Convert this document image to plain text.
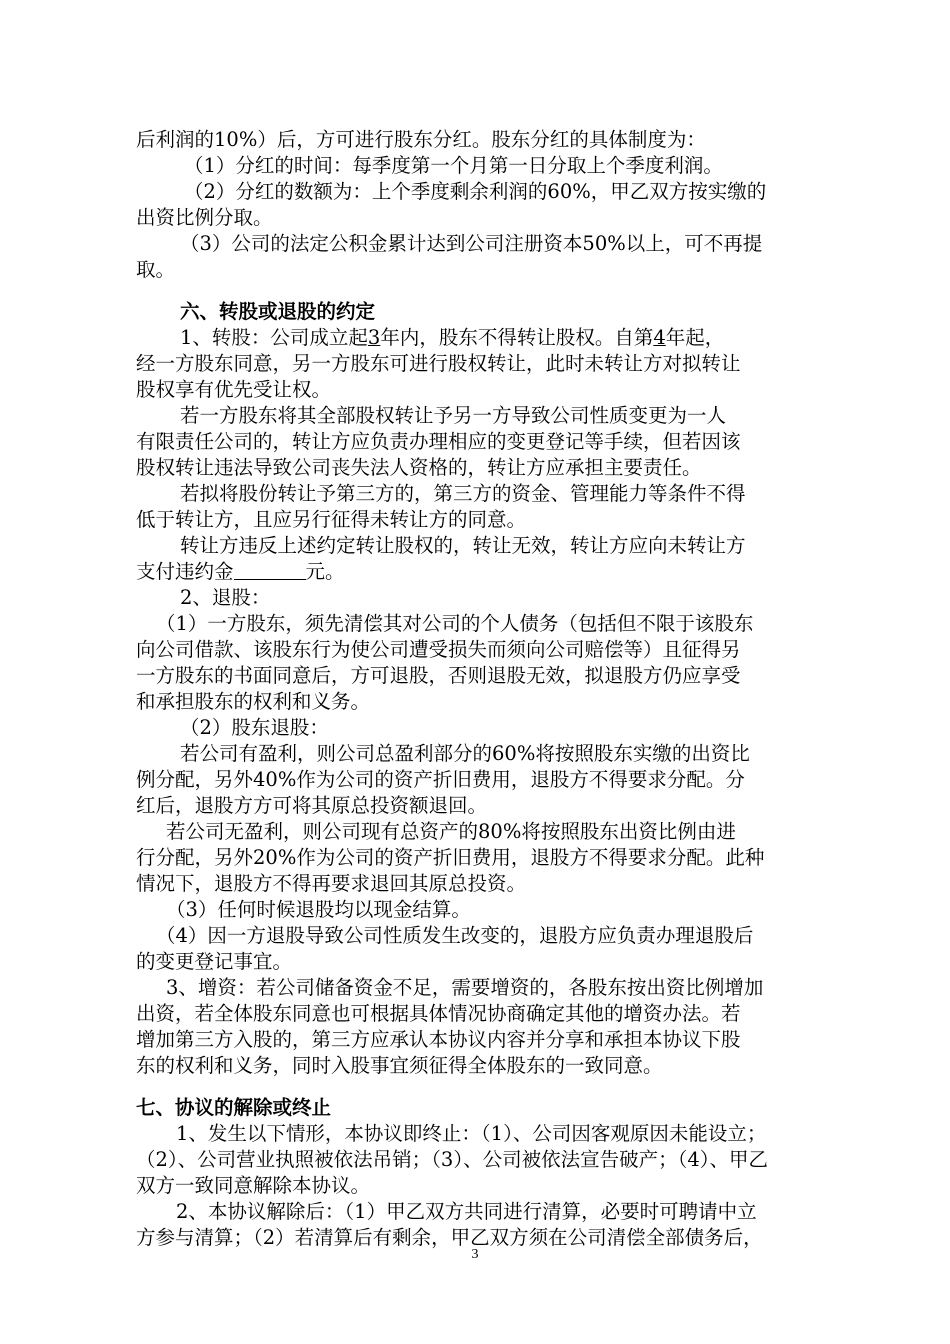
后利润的10%）后，方可进行股东分红。股东分红的具体制度为：
（1）分红的时间：每季度第一个月第一日分取上个季度利润。
（2）分红的数额为：上个季度剩余利润的60%，甲乙双方按实缴的
出资比例分取。
（3）公司的法定公积金累计达到公司注册资本50%以上，可不再提
取。
六、转股或退股的约定
1、转股：公司成立起3年内，股东不得转让股权。自第4年起，
经一方股东同意，另一方股东可进行股权转让，此时未转让方对拟转让
股权享有优先受让权。
若一方股东将其全部股权转让予另一方导致公司性质变更为一人
有限责任公司的，转让方应负责办理相应的变更登记等手续，但若因该
股权转让违法导致公司丧失法人资格的，转让方应承担主要责任。
若拟将股份转让予第三方的，第三方的资金、管理能力等条件不得
低于转让方，且应另行征得未转让方的同意。
转让方违反上述约定转让股权的，转让无效，转让方应向未转让方
支付违约金	元。
2、退股：
（1）一方股东，须先清偿其对公司的个人债务（包括但不限于该股东
向公司借款、该股东行为使公司遭受损失而须向公司赔偿等）且征得另
一方股东的书面同意后，方可退股，否则退股无效，拟退股方仍应享受
和承担股东的权利和义务。
（2）股东退股：
若公司有盈利，则公司总盈利部分的60%将按照股东实缴的出资比
例分配，另外40%作为公司的资产折旧费用，退股方不得要求分配。分
红后，退股方方可将其原总投资额退回。
若公司无盈利，则公司现有总资产的80%将按照股东出资比例由进
行分配，另外20%作为公司的资产折旧费用，退股方不得要求分配。此种
情况下，退股方不得再要求退回其原总投资。
（3）任何时候退股均以现金结算。
（4）因一方退股导致公司性质发生改变的，退股方应负责办理退股后
的变更登记事宜。
3、增资：若公司储备资金不足，需要增资的，各股东按出资比例增加
出资，若全体股东同意也可根据具体情况协商确定其他的增资办法。若
增加第三方入股的，第三方应承认本协议内容并分享和承担本协议下股
东的权利和义务，同时入股事宜须征得全体股东的一致同意。
七、协议的解除或终止
1、发生以下情形，本协议即终止：（1）、公司因客观原因未能设立；
（2）、公司营业执照被依法吊销；（3）、公司被依法宣告破产；（4）、甲乙
双方一致同意解除本协议。
2、本协议解除后：（1）甲乙双方共同进行清算，必要时可聘请中立
方参与清算；（2）若清算后有剩余，甲乙双方须在公司清偿全部债务后，
3
